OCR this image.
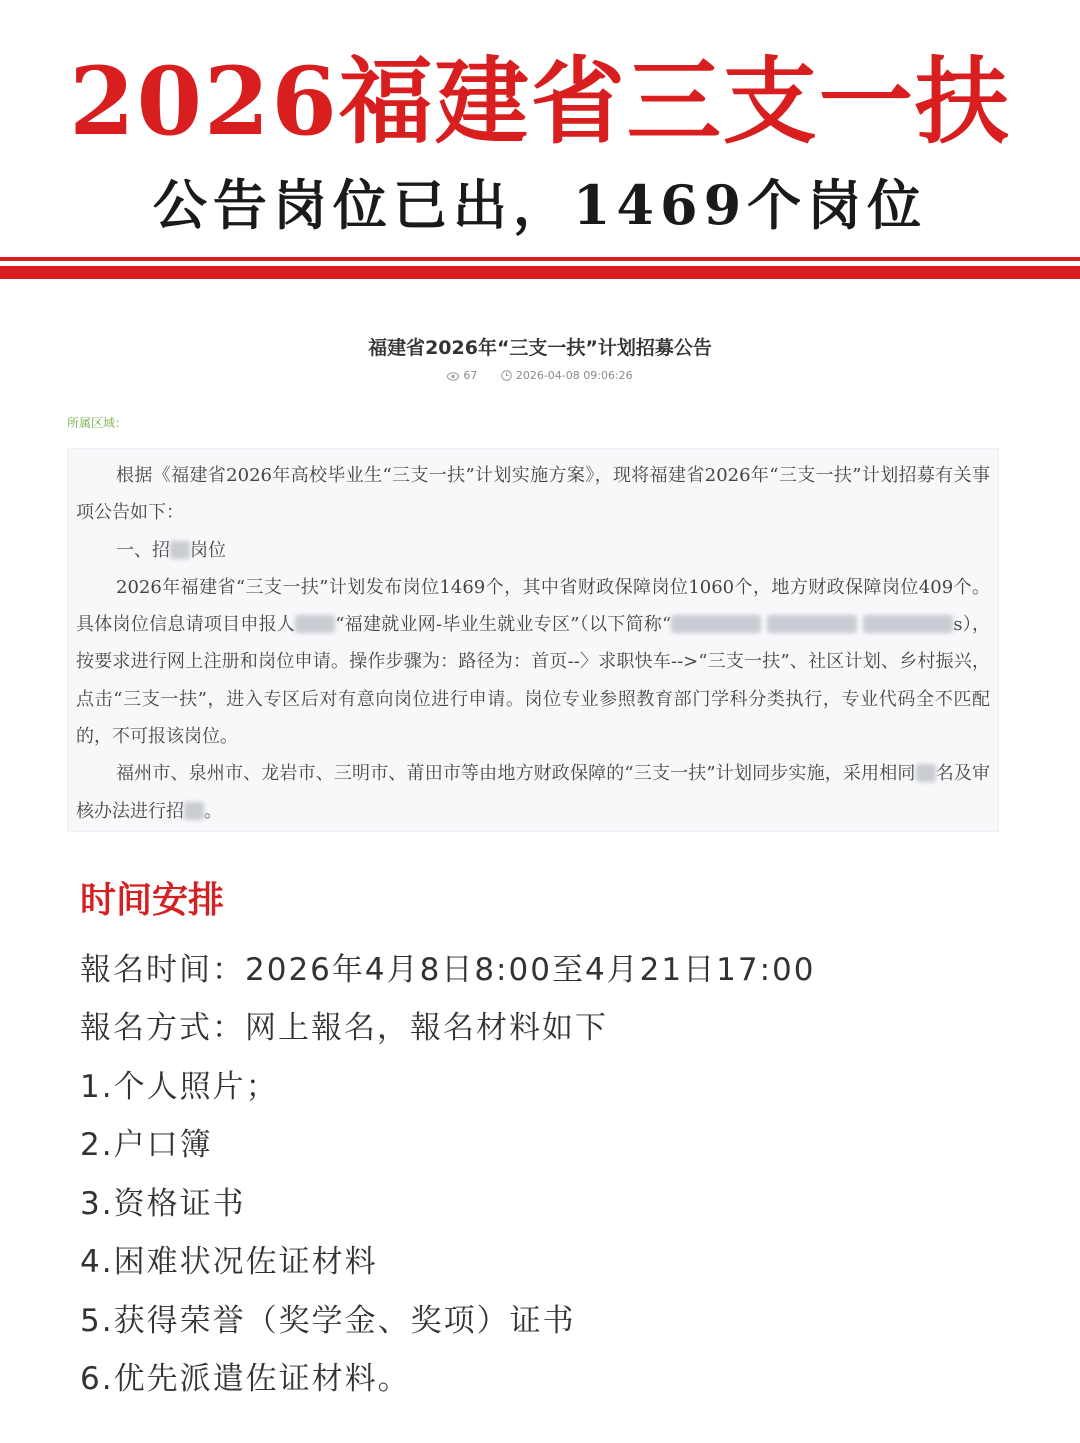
2026福建省三支一扶
公告岗位已出，1469个岗位
福建省2026年“三支一扶”计划招募公告
67	2026-04-08 09:06:26
所属区域：

根据《福建省2026年高校毕业生“三支一扶”计划实施方案》，现将福建省2026年“三支一扶”计划招募有关事项公告如下：

一、招 岗位

2026年福建省“三支一扶”计划发布岗位1469个，其中省财政保障岗位1060个，地方财政保障岗位409个。具体岗位信息请项目申报人 “福建就业网-毕业生就业专区”（以下简称“	s），按要求进行网上注册和岗位申请。操作步骤为：路径为：首页--〉求职快车-->“三支一扶”、社区计划、乡村振兴，点击“三支一扶”，进入专区后对有意向岗位进行申请。岗位专业参照教育部门学科分类执行，专业代码全不匹配的，不可报该岗位。

福州市、泉州市、龙岩市、三明市、莆田市等由地方财政保障的“三支一扶”计划同步实施，采用相同 名及审核办法进行招 。

时间安排
報名时间：2026年4月8日8:00至4月21日17:00
報名方式：网上報名，報名材料如下
1.个人照片；
2.户口簿
3.资格证书
4.困难状况佐证材料
5.获得荣誉（奖学金、奖项）证书
6.优先派遣佐证材料。
